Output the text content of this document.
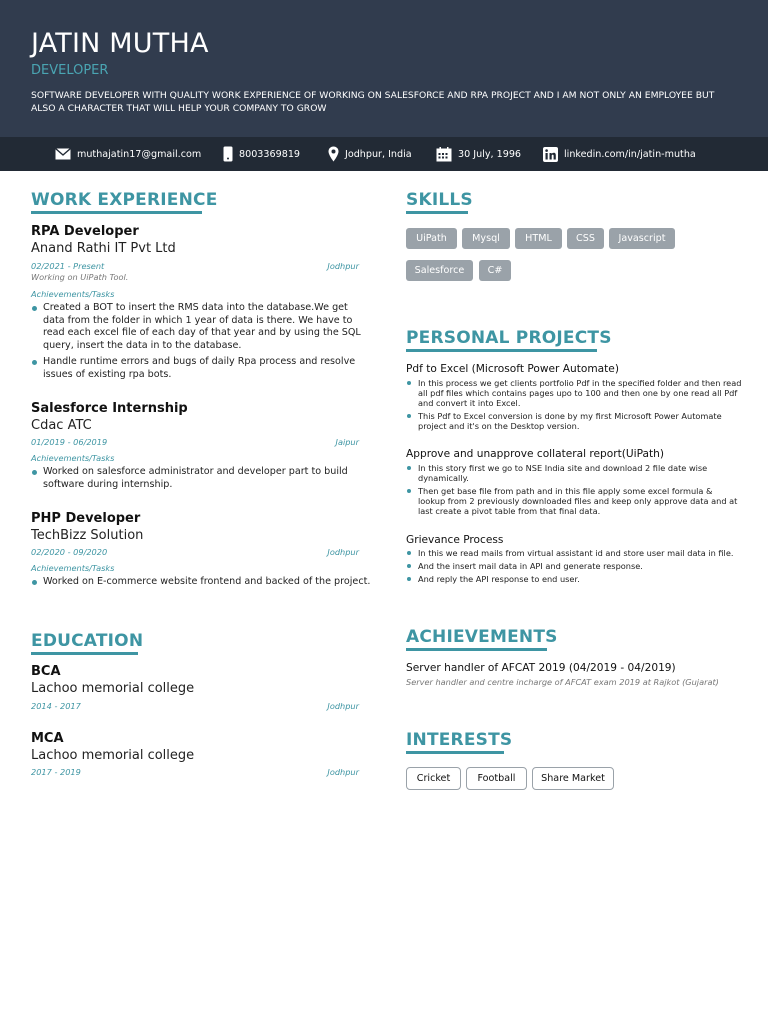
JATIN MUTHA
DEVELOPER
SOFTWARE DEVELOPER WITH QUALITY WORK EXPERIENCE OF WORKING ON SALESFORCE AND RPA PROJECT AND I AM NOT ONLY AN EMPLOYEE BUT ALSO A CHARACTER THAT WILL HELP YOUR COMPANY TO GROW
muthajatin17@gmail.com	8003369819	Jodhpur, India	30 July, 1996	linkedin.com/in/jatin-mutha
WORK EXPERIENCE
RPA Developer
Anand Rathi IT Pvt Ltd
02/2021 - Present	Jodhpur
Working on UiPath Tool.
Achievements/Tasks
Created a BOT to insert the RMS data into the database.We get data from the folder in which 1 year of data is there. We have to read each excel file of each day of that year and by using the SQL query, insert the data in to the database.
Handle runtime errors and bugs of daily Rpa process and resolve issues of existing rpa bots.
Salesforce Internship
Cdac ATC
01/2019 - 06/2019	Jaipur
Achievements/Tasks
Worked on salesforce administrator and developer part to build software during internship.
PHP Developer
TechBizz Solution
02/2020 - 09/2020	Jodhpur
Achievements/Tasks
Worked on E-commerce website frontend and backed of the project.
EDUCATION
BCA
Lachoo memorial college
2014 - 2017	Jodhpur
MCA
Lachoo memorial college
2017 - 2019	Jodhpur
SKILLS
UiPath	Mysql	HTML	CSS	Javascript
Salesforce	C#
PERSONAL PROJECTS
Pdf to Excel (Microsoft Power Automate)
In this process we get clients portfolio Pdf in the specified folder and then read all pdf files which contains pages upo to 100 and then one by one read all Pdf and convert it into Excel.
This Pdf to Excel conversion is done by my first Microsoft Power Automate project and it's on the Desktop version.
Approve and unapprove collateral report(UiPath)
In this story first we go to NSE India site and download 2 file date wise dynamically.
Then get base file from path and in this file apply some excel formula & lookup from 2 previously downloaded files and keep only approve data and at last create a pivot table from that final data.
Grievance Process
In this we read mails from virtual assistant id and store user mail data in file.
And the insert mail data in API and generate response.
And reply the API response to end user.
ACHIEVEMENTS
Server handler of AFCAT 2019 (04/2019 - 04/2019)
Server handler and centre incharge of AFCAT exam 2019 at Rajkot (Gujarat)
INTERESTS
Cricket	Football	Share Market
